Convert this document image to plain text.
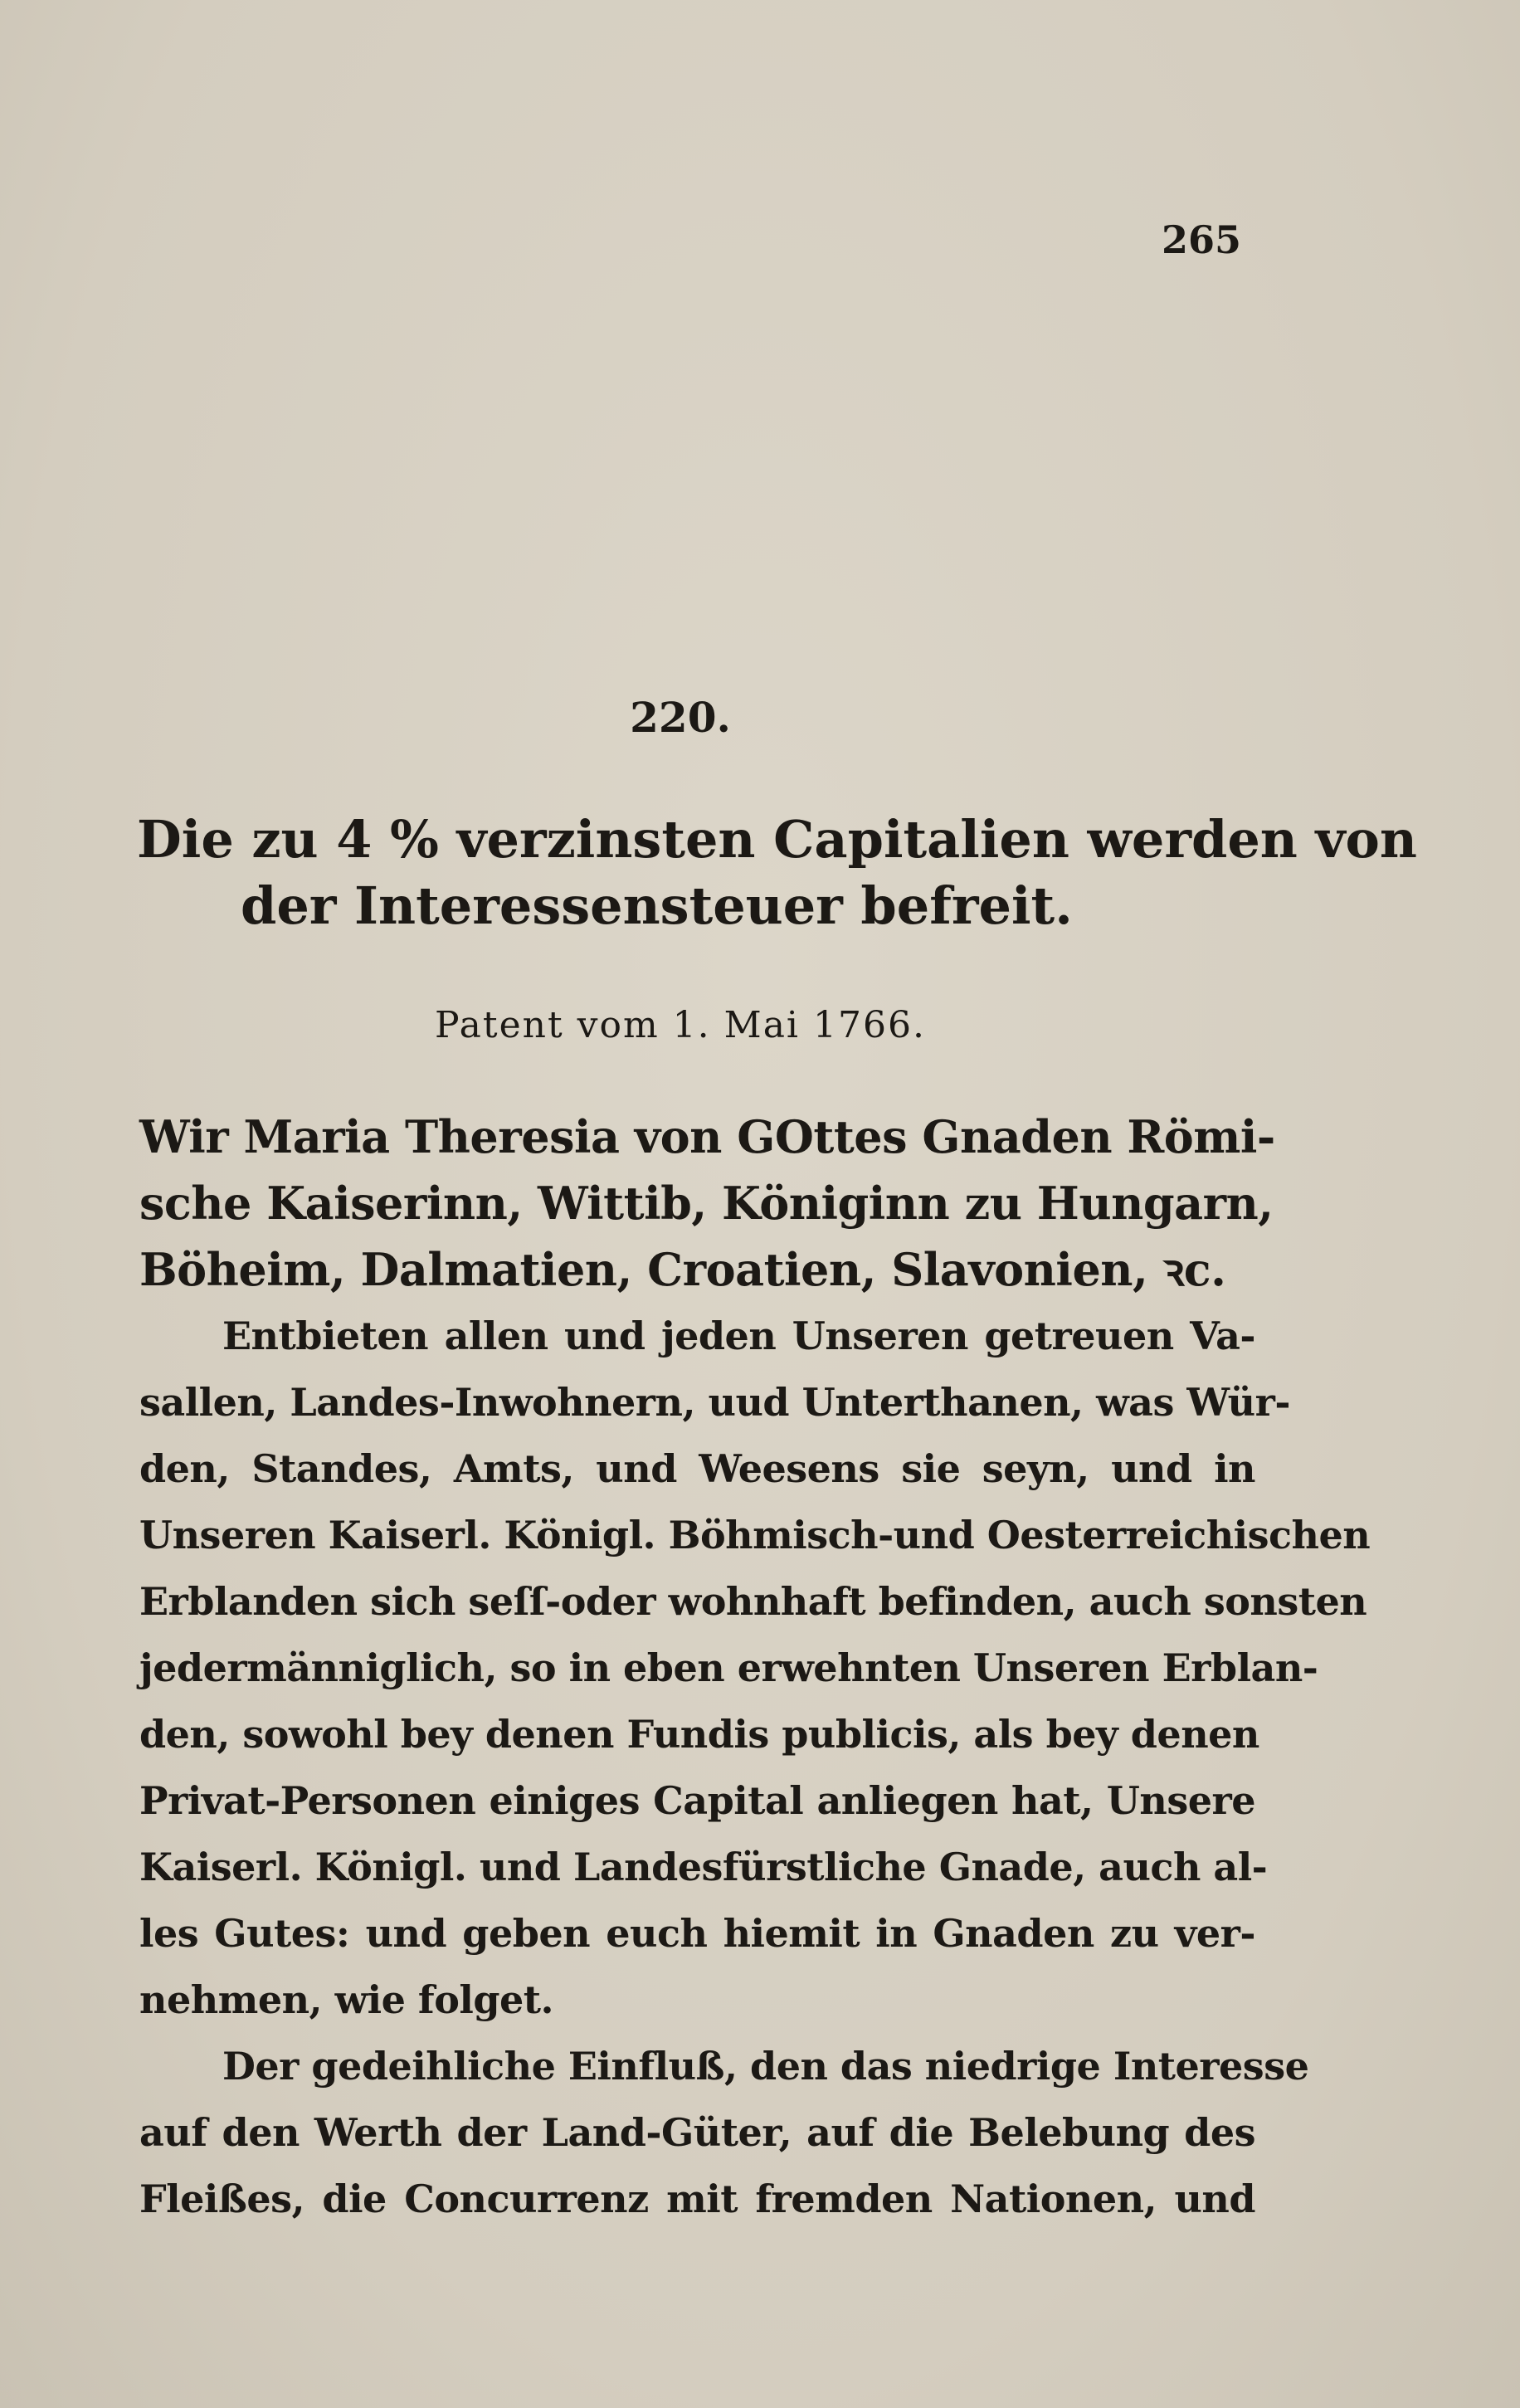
265
220.
Die zu 4 % verzinsten Capitalien werden von
der Interessensteuer befreit.
Patent vom 1. Mai 1766.
Wir Maria Theresia von GOttes Gnaden Römi-
sche Kaiserinn, Wittib, Königinn zu Hungarn,
Böheim, Dalmatien, Croatien, Slavonien, ꝛc.
Entbieten allen und jeden Unseren getreuen Va-
sallen, Landes-Inwohnern, uud Unterthanen, was Wür-
den, Standes, Amts, und Weesens sie seyn, und in
Unseren Kaiserl. Königl. Böhmisch-und Oesterreichischen
Erblanden sich seſſ-oder wohnhaft befinden, auch sonsten
jedermänniglich, so in eben erwehnten Unseren Erblan-
den, sowohl bey denen Fundis publicis, als bey denen
Privat-Personen einiges Capital anliegen hat, Unsere
Kaiserl. Königl. und Landesfürstliche Gnade, auch al-
les Gutes: und geben euch hiemit in Gnaden zu ver-
nehmen, wie folget.
Der gedeihliche Einfluß, den das niedrige Interesse
auf den Werth der Land-Güter, auf die Belebung des
Fleißes, die Concurrenz mit fremden Nationen, und
